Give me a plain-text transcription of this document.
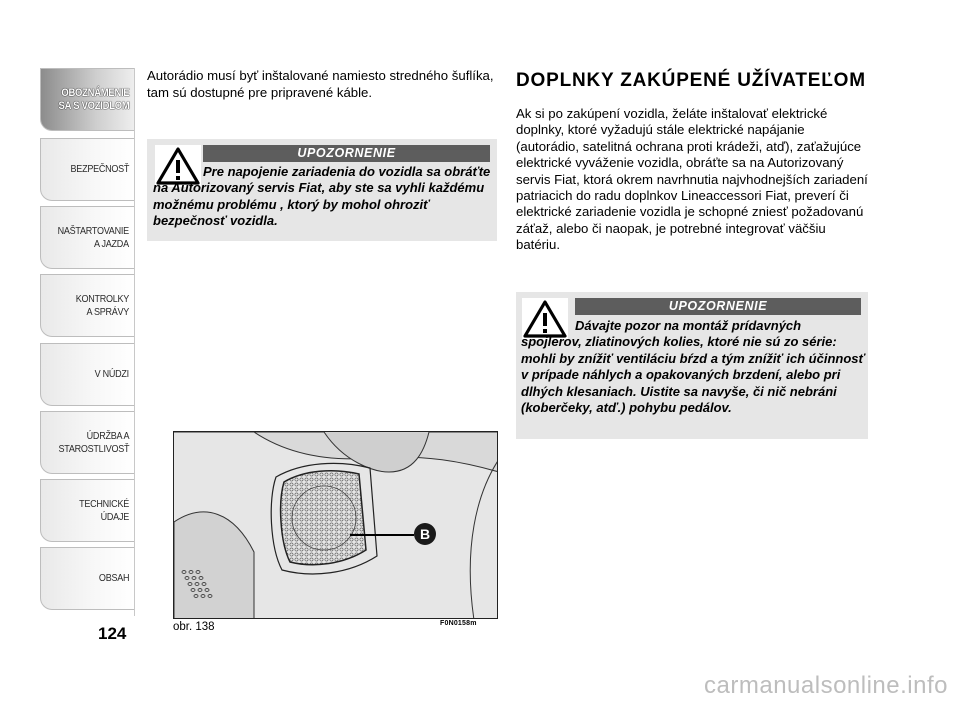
OBOZNÁMENIE
SA S VOZIDLOM
BEZPEČNOSŤ
NAŠTARTOVANIE
A JAZDA
KONTROLKY
A SPRÁVY
V NÚDZI
ÚDRŽBA A
STAROSTLIVOSŤ
TECHNICKÉ
ÚDAJE
OBSAH
124
Autorádio musí byť inštalované namiesto stredného šuflíka, tam sú dostupné pre pripravené káble.
UPOZORNENIE
Pre napojenie zariadenia do vozidla sa obráťte na Autorizovaný servis Fiat, aby ste sa vyhli každému možnému problému , ktorý by mohol ohroziť bezpečnosť vozidla.
B
obr. 138	F0N0158m
DOPLNKY ZAKÚPENÉ UŽÍVATEĽOM
Ak si po zakúpení vozidla, želáte inštalovať elektrické doplnky, ktoré vyžadujú stále elektrické napájanie (autorádio, satelitná ochrana proti krádeži, atď), zaťažujúce elektrické vyváženie vozidla, obráťte sa na Autorizovaný servis Fiat, ktorá okrem navrhnutia najvhodnejších zariadení patriacich do radu doplnkov Lineaccessori Fiat, preverí či elektrické zariadenie vozidla je schopné zniesť požadovanú záťaž, alebo či naopak, je potrebné integrovať väčšiu batériu.
UPOZORNENIE
Dávajte pozor na montáž prídavných spojlerov, zliatinových kolies, ktoré nie sú zo série: mohli by znížiť ventiláciu bŕzd a tým znížiť ich účinnosť v prípade náhlych a opakovaných brzdení, alebo pri dlhých klesaniach. Uistite sa navyše, či nič nebráni (koberčeky, atď.) pohybu pedálov.
carmanualsonline.info
